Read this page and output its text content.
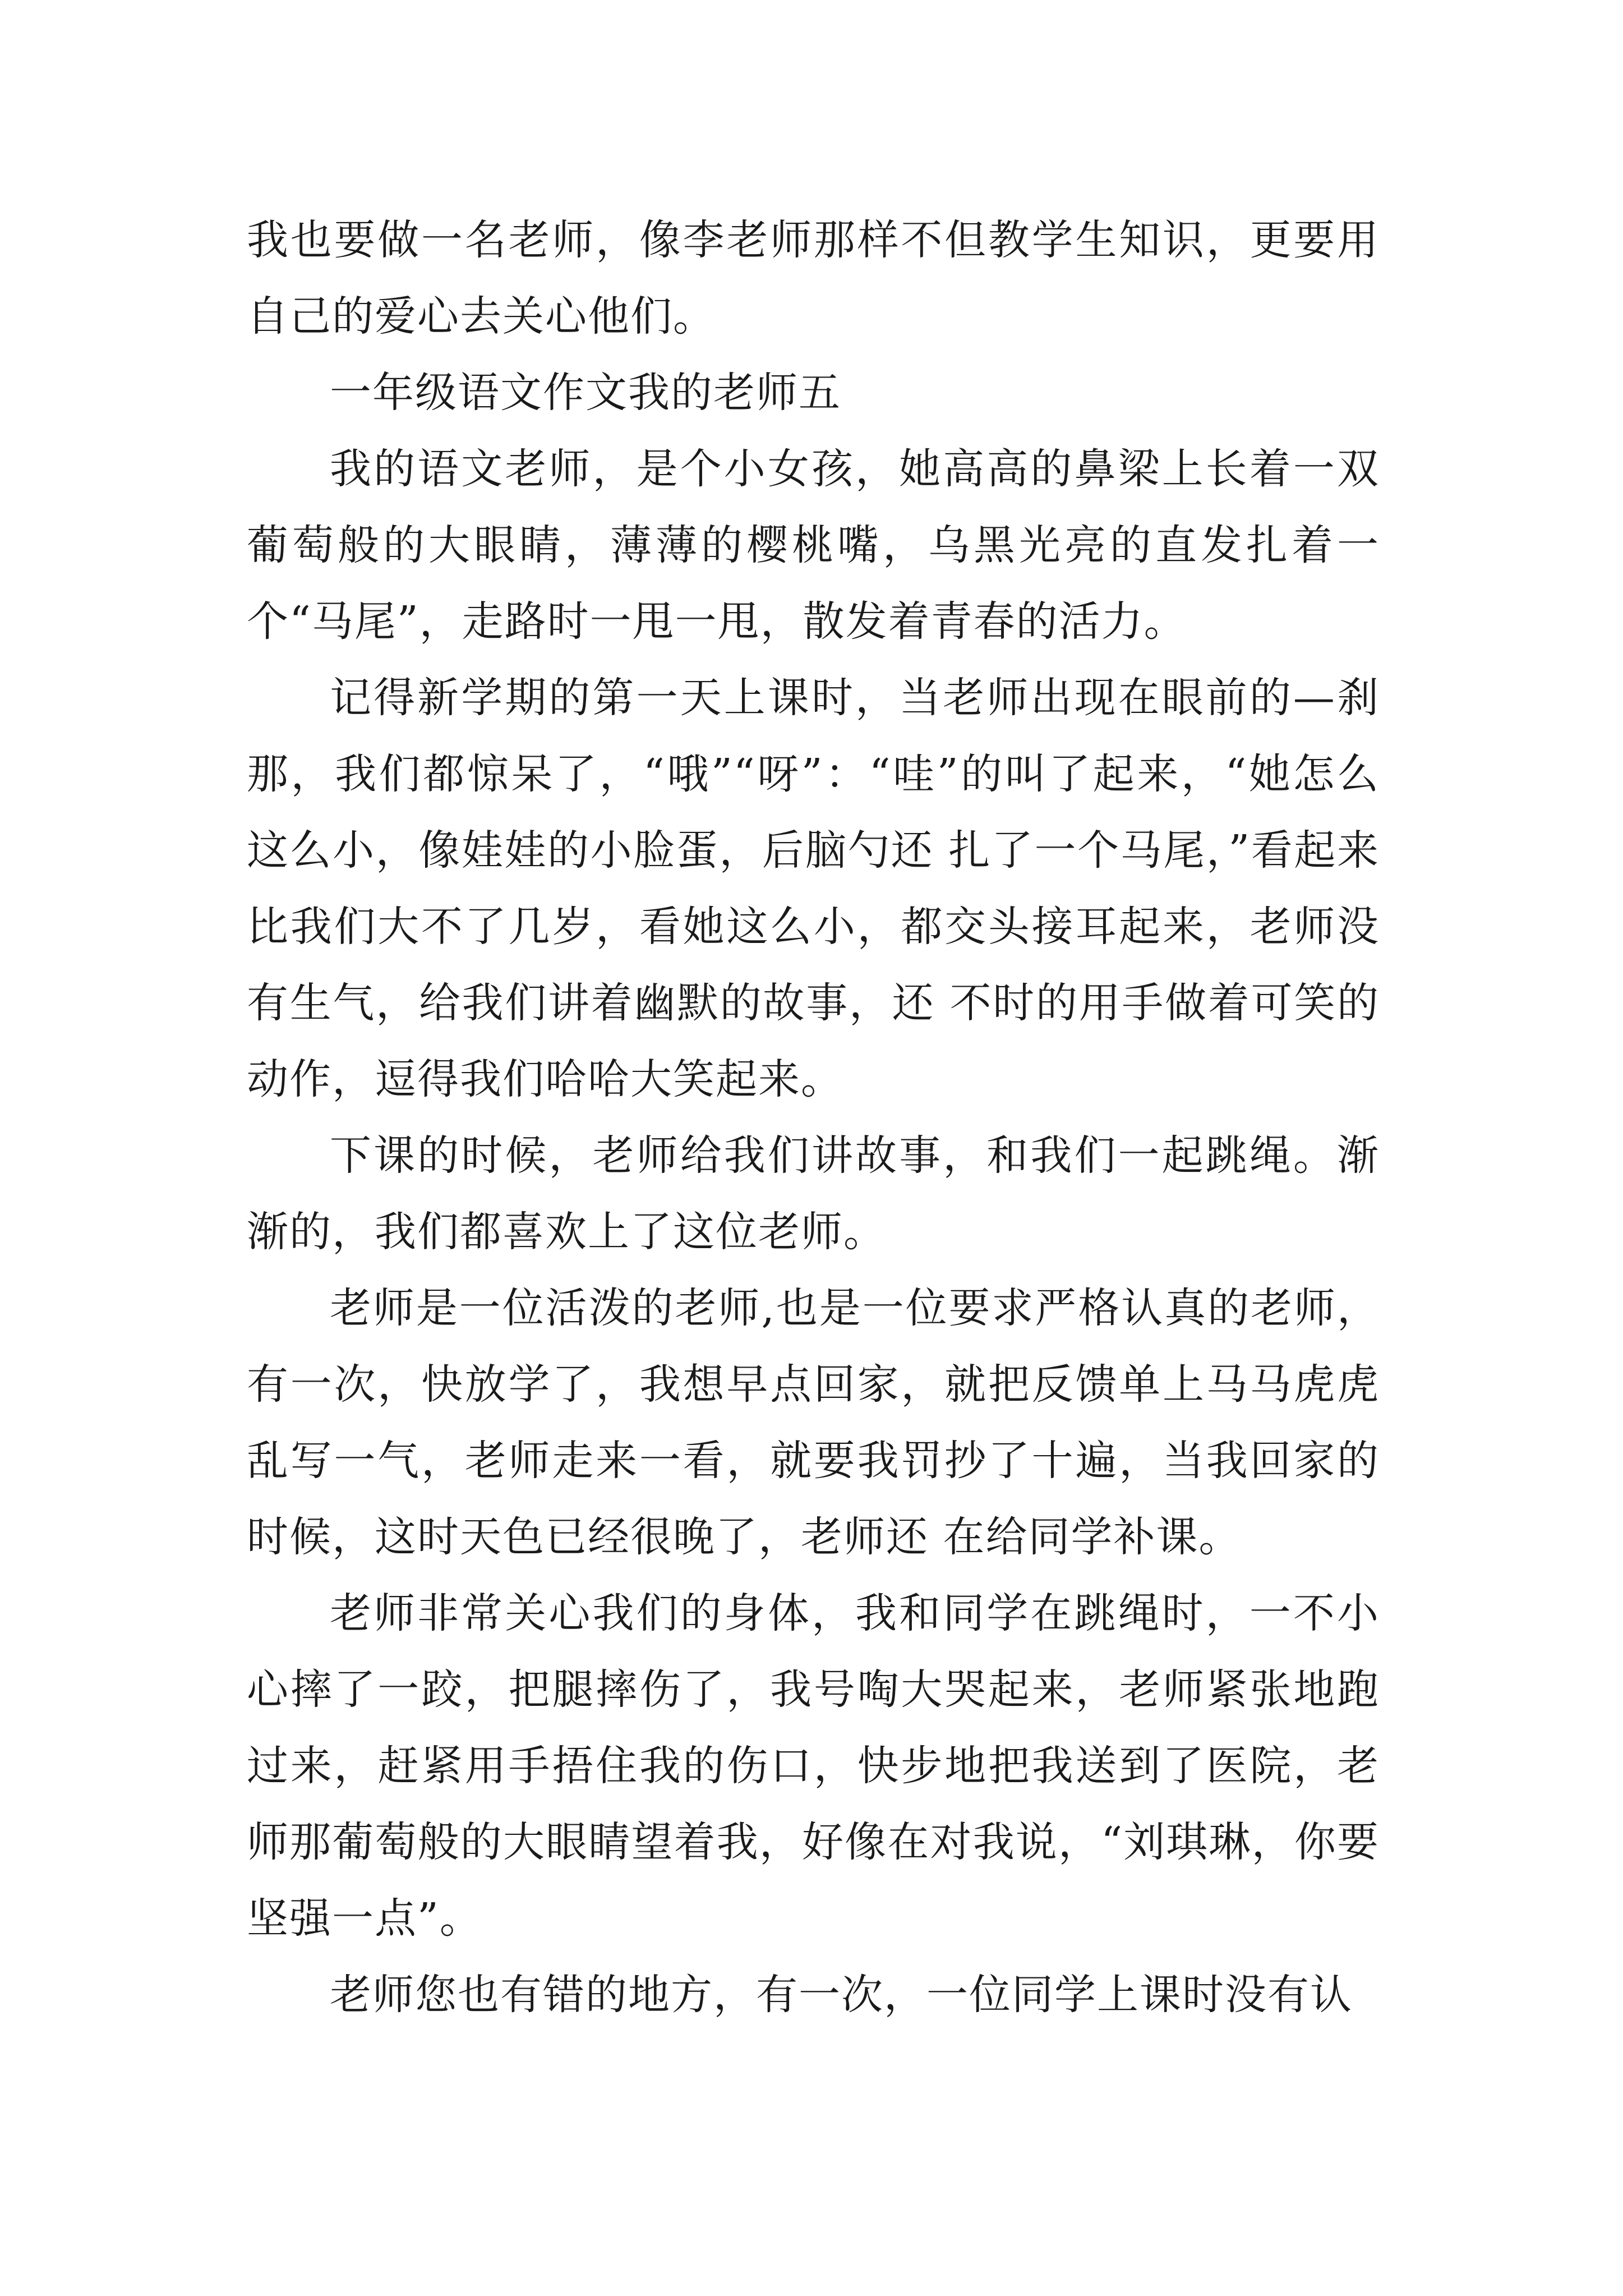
我也要做一名老师，像李老师那样不但教学生知识，更要用自己的爱心去关心他们。

一年级语文作文我的老师五

我的语文老师，是个小女孩，她高高的鼻梁上长着一双葡萄般的大眼睛，薄薄的樱桃嘴，乌黑光亮的直发扎着一个“马尾”，走路时一甩一甩，散发着青春的活力。

记得新学期的第一天上课时，当老师出现在眼前的—刹那，我们都惊呆了，“哦”“呀”：“哇”的叫了起来，“她怎么这么小，像娃娃的小脸蛋，后脑勺还 扎了一个马尾，”看起来比我们大不了几岁，看她这么小，都交头接耳起来，老师没有生气，给我们讲着幽默的故事，还 不时的用手做着可笑的动作，逗得我们哈哈大笑起来。

下课的时候，老师给我们讲故事，和我们一起跳绳。渐渐的，我们都喜欢上了这位老师。

老师是一位活泼的老师,也是一位要求严格认真的老师，有一次，快放学了，我想早点回家，就把反馈单上马马虎虎乱写一气，老师走来一看，就要我罚抄了十遍，当我回家的时候，这时天色已经很晚了，老师还 在给同学补课。

老师非常关心我们的身体，我和同学在跳绳时，一不小心摔了一跤，把腿摔伤了，我号啕大哭起来，老师紧张地跑过来，赶紧用手捂住我的伤口，快步地把我送到了医院，老师那葡萄般的大眼睛望着我，好像在对我说，“刘琪琳，你要坚强一点”。

老师您也有错的地方，有一次，一位同学上课时没有认
